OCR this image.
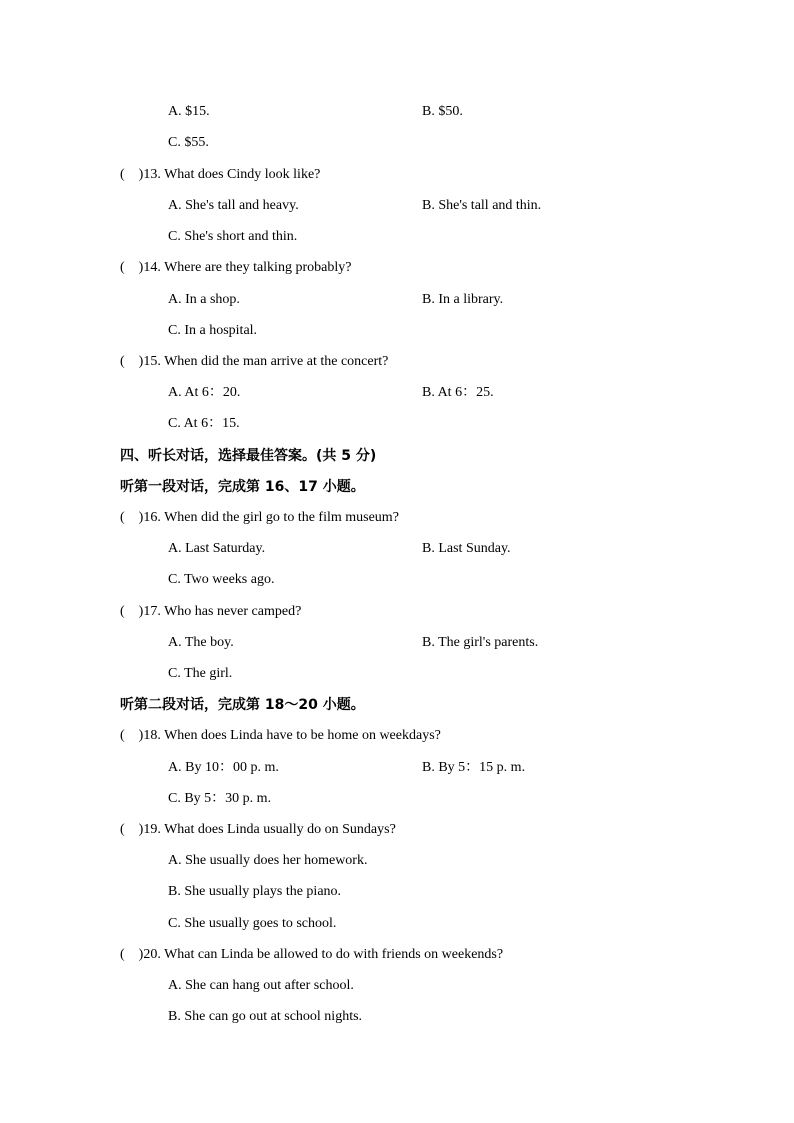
A. $15.	B. $50.
C. $55.
(    )13. What does Cindy look like?
A. She's tall and heavy.	B. She's tall and thin.
C. She's short and thin.
(    )14. Where are they talking probably?
A. In a shop.	B. In a library.
C. In a hospital.
(    )15. When did the man arrive at the concert?
A. At 6：20.	B. At 6：25.
C. At 6：15.
四、听长对话，选择最佳答案。(共 5 分)
听第一段对话，完成第 16、17 小题。
(    )16. When did the girl go to the film museum?
A. Last Saturday.	B. Last Sunday.
C. Two weeks ago.
(    )17. Who has never camped?
A. The boy.	B. The girl's parents.
C. The girl.
听第二段对话，完成第 18～20 小题。
(    )18. When does Linda have to be home on weekdays?
A. By 10：00 p. m.	B. By 5：15 p. m.
C. By 5：30 p. m.
(    )19. What does Linda usually do on Sundays?
A. She usually does her homework.
B. She usually plays the piano.
C. She usually goes to school.
(    )20. What can Linda be allowed to do with friends on weekends?
A. She can hang out after school.
B. She can go out at school nights.
